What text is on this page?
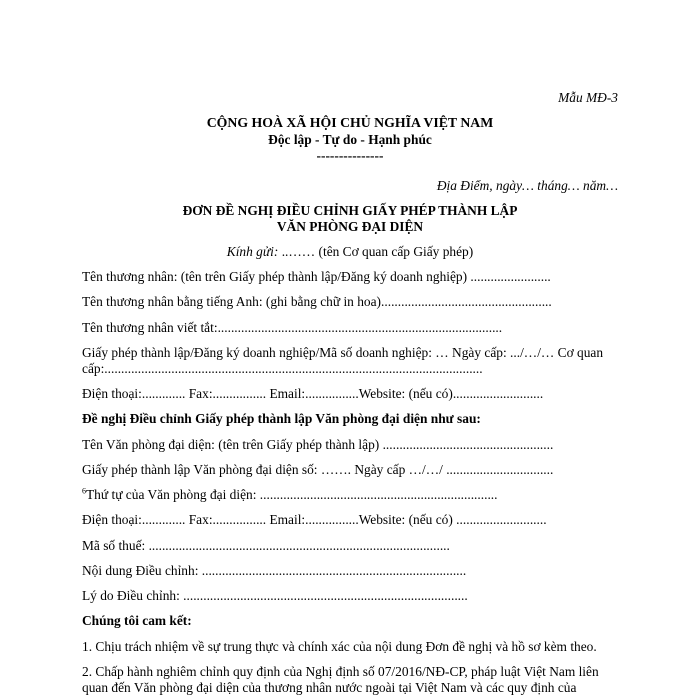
Mẫu MĐ-3
CỘNG HOÀ XÃ HỘI CHỦ NGHĨA VIỆT NAM
Độc lập - Tự do - Hạnh phúc
---------------
Địa Điểm, ngày… tháng… năm…
ĐƠN ĐỀ NGHỊ ĐIỀU CHỈNH GIẤY PHÉP THÀNH LẬP
VĂN PHÒNG ĐẠI DIỆN
Kính gửi: ..…… (tên Cơ quan cấp Giấy phép)
Tên thương nhân: (tên trên Giấy phép thành lập/Đăng ký doanh nghiệp) ........................
Tên thương nhân bằng tiếng Anh: (ghi bằng chữ in hoa)...................................................
Tên thương nhân viết tắt:.....................................................................................
Giấy phép thành lập/Đăng ký doanh nghiệp/Mã số doanh nghiệp: … Ngày cấp: .../…/… Cơ quan
cấp:.................................................................................................................
Điện thoại:............. Fax:................ Email:................Website: (nếu có)...........................
Đề nghị Điều chỉnh Giấy phép thành lập Văn phòng đại diện như sau:
Tên Văn phòng đại diện: (tên trên Giấy phép thành lập) ...................................................
Giấy phép thành lập Văn phòng đại diện số: ……. Ngày cấp …/…/ ................................
$^6$Thứ tự của Văn phòng đại diện: .......................................................................
Điện thoại:............. Fax:................ Email:................Website: (nếu có) ...........................
Mã số thuế: ..........................................................................................
Nội dung Điều chỉnh: ...............................................................................
Lý do Điều chỉnh: .....................................................................................
Chúng tôi cam kết:
1. Chịu trách nhiệm về sự trung thực và chính xác của nội dung Đơn đề nghị và hồ sơ kèm theo.
2. Chấp hành nghiêm chỉnh quy định của Nghị định số 07/2016/NĐ-CP, pháp luật Việt Nam liên
quan đến Văn phòng đại diện của thương nhân nước ngoài tại Việt Nam và các quy định của
